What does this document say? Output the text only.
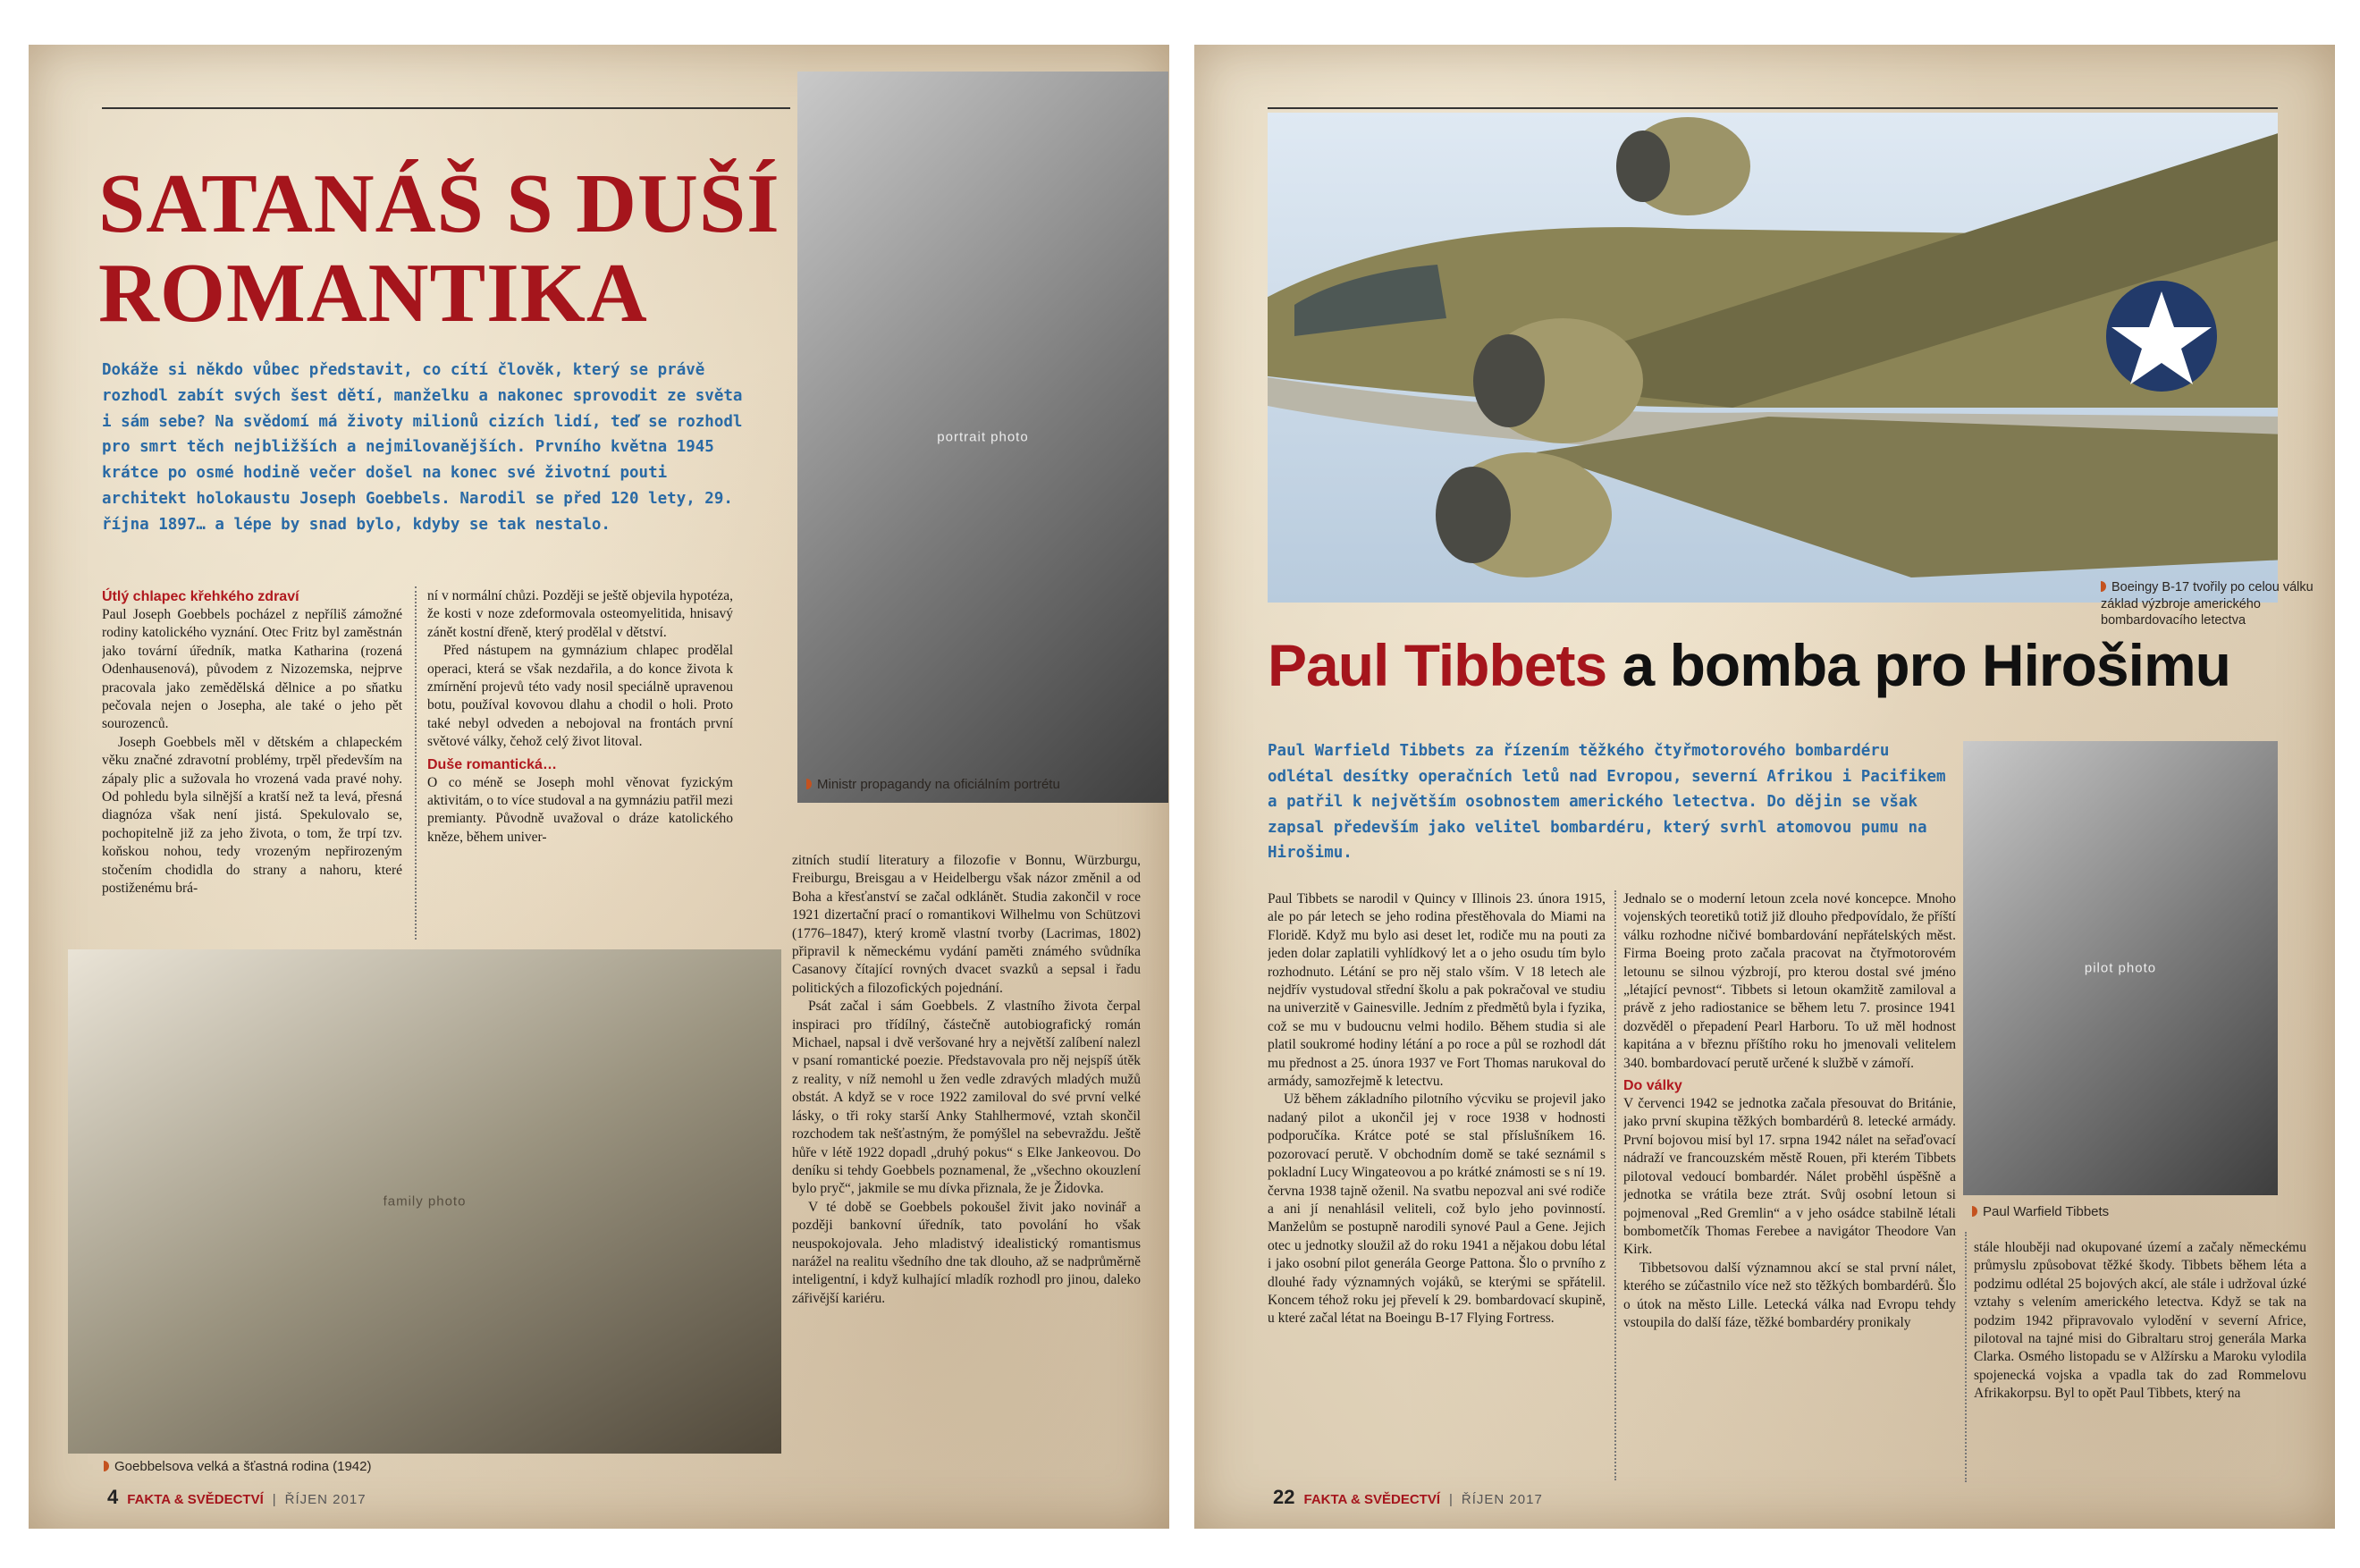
SATANÁŠ S DUŠÍ
ROMANTIKA

Dokáže si někdo vůbec představit, co cítí člověk, který se právě rozhodl zabít svých šest dětí, manželku a nakonec sprovodit ze světa i sám sebe? Na svědomí má životy milionů cizích lidí, teď se rozhodl pro smrt těch nejbližších a nejmilovanějších. Prvního května 1945 krátce po osmé hodině večer došel na konec své životní pouti architekt holokaustu Joseph Goebbels. Narodil se před 120 lety, 29. října 1897… a lépe by snad bylo, kdyby se tak nestalo.

portrait photo
Ministr propagandy na oficiálním portrétu
Útlý chlapec křehkého zdraví

Paul Joseph Goebbels pocházel z nepříliš zámožné rodiny katolického vyznání. Otec Fritz byl zaměstnán jako tovární úředník, matka Katharina (rozená Odenhausenová), původem z Nizozemska, nejprve pracovala jako zemědělská dělnice a po sňatku pečovala nejen o Josepha, ale také o jeho pět sourozenců.

Joseph Goebbels měl v dětském a chlapeckém věku značné zdravotní problémy, trpěl především na zápaly plic a sužovala ho vrozená vada pravé nohy. Od pohledu byla silnější a kratší než ta levá, přesná diagnóza však není jistá. Spekulovalo se, pochopitelně již za jeho života, o tom, že trpí tzv. koňskou nohou, tedy vrozeným nepřirozeným stočením chodidla do strany a nahoru, které postiženému brá-

ní v normální chůzi. Později se ještě objevila hypotéza, že kosti v noze zdeformovala osteomyelitida, hnisavý zánět kostní dřeně, který prodělal v dětství.

Před nástupem na gymnázium chlapec prodělal operaci, která se však nezdařila, a do konce života k zmírnění projevů této vady nosil speciálně upravenou botu, používal kovovou dlahu a chodil o holi. Proto také nebyl odveden a nebojoval na frontách první světové války, čehož celý život litoval.

Duše romantická…

O co méně se Joseph mohl věnovat fyzickým aktivitám, o to více studoval a na gymnáziu patřil mezi premianty. Původně uvažoval o dráze katolického kněze, během univer-

family photo
Goebbelsova velká a šťastná rodina (1942)

zitních studií literatury a filozofie v Bonnu, Würzburgu, Freiburgu, Breisgau a v Heidelbergu však názor změnil a od Boha a křesťanství se začal odklánět. Studia zakončil v roce 1921 dizertační prací o romantikovi Wilhelmu von Schützovi (1776–1847), který kromě vlastní tvorby (Lacrimas, 1802) připravil k německému vydání paměti známého svůdníka Casanovy čítající rovných dvacet svazků a sepsal i řadu politických a filozofických pojednání.

Psát začal i sám Goebbels. Z vlastního života čerpal inspiraci pro třídílný, částečně autobiografický román Michael, napsal i dvě veršované hry a největší zalíbení nalezl v psaní romantické poezie. Představovala pro něj nejspíš útěk z reality, v níž nemohl u žen vedle zdravých mladých mužů obstát. A když se v roce 1922 zamiloval do své první velké lásky, o tři roky starší Anky Stahlhermové, vztah skončil rozchodem tak nešťastným, že pomýšlel na sebevraždu. Ještě hůře v létě 1922 dopadl „druhý pokus“ s Elke Jankeovou. Do deníku si tehdy Goebbels poznamenal, že „všechno okouzlení bylo pryč“, jakmile se mu dívka přiznala, že je Židovka.

V té době se Goebbels pokoušel živit jako novinář a později bankovní úředník, tato povolání ho však neuspokojovala. Jeho mladistvý idealistický romantismus narážel na realitu všedního dne tak dlouho, až se nadprůměrně inteligentní, i když kulhající mladík rozhodl pro jinou, daleko zářivější kariéru.

4 FAKTA & SVĚDECTVÍ | ŘÍJEN 2017
Boeingy B-17 tvořily po celou válku základ výzbroje amerického bombardovacího letectva
Paul Tibbets a bomba pro Hirošimu

Paul Warfield Tibbets za řízením těžkého čtyřmotorového bombardéru odlétal desítky operačních letů nad Evropou, severní Afrikou i Pacifikem a patřil k největším osobnostem amerického letectva. Do dějin se však zapsal především jako velitel bombardéru, který svrhl atomovou pumu na Hirošimu.

pilot photo
Paul Warfield Tibbets

Paul Tibbets se narodil v Quincy v Illinois 23. února 1915, ale po pár letech se jeho rodina přestěhovala do Miami na Floridě. Když mu bylo asi deset let, rodiče mu na pouti za jeden dolar zaplatili vyhlídkový let a o jeho osudu tím bylo rozhodnuto. Létání se pro něj stalo vším. V 18 letech ale nejdřív vystudoval střední školu a pak pokračoval ve studiu na univerzitě v Gainesville. Jedním z předmětů byla i fyzika, což se mu v budoucnu velmi hodilo. Během studia si ale platil soukromé hodiny létání a po roce a půl se rozhodl dát mu přednost a 25. února 1937 ve Fort Thomas narukoval do armády, samozřejmě k letectvu.

Už během základního pilotního výcviku se projevil jako nadaný pilot a ukončil jej v roce 1938 v hodnosti podporučíka. Krátce poté se stal příslušníkem 16. pozorovací perutě. V obchodním domě se také seznámil s pokladní Lucy Wingateovou a po krátké známosti se s ní 19. června 1938 tajně oženil. Na svatbu nepozval ani své rodiče a ani jí nenahlásil veliteli, což bylo jeho povinností. Manželům se postupně narodili synové Paul a Gene. Jejich otec u jednotky sloužil až do roku 1941 a nějakou dobu létal i jako osobní pilot generála George Pattona. Šlo o prvního z dlouhé řady významných vojáků, se kterými se spřátelil. Koncem téhož roku jej převelí k 29. bombardovací skupině, u které začal létat na Boeingu B-17 Flying Fortress.

Jednalo se o moderní letoun zcela nové koncepce. Mnoho vojenských teoretiků totiž již dlouho předpovídalo, že příští válku rozhodne ničivé bombardování nepřátelských měst. Firma Boeing proto začala pracovat na čtyřmotorovém letounu se silnou výzbrojí, pro kterou dostal své jméno „létající pevnost“. Tibbets si letoun okamžitě zamiloval a právě z jeho radiostanice se během letu 7. prosince 1941 dozvěděl o přepadení Pearl Harboru. To už měl hodnost kapitána a v březnu příštího roku ho jmenovali velitelem 340. bombardovací perutě určené k službě v zámoří.

Do války

V červenci 1942 se jednotka začala přesouvat do Británie, jako první skupina těžkých bombardérů 8. letecké armády. První bojovou misí byl 17. srpna 1942 nálet na seřaďovací nádraží ve francouzském městě Rouen, při kterém Tibbets pilotoval vedoucí bombardér. Nálet proběhl úspěšně a jednotka se vrátila beze ztrát. Svůj osobní letoun si pojmenoval „Red Gremlin“ a v jeho osádce stabilně létali bombometčík Thomas Ferebee a navigátor Theodore Van Kirk.

Tibbetsovou další významnou akcí se stal první nálet, kterého se zúčastnilo více než sto těžkých bombardérů. Šlo o útok na město Lille. Letecká válka nad Evropu tehdy vstoupila do další fáze, těžké bombardéry pronikaly

stále hlouběji nad okupované území a začaly německému průmyslu způsobovat těžké škody. Tibbets během léta a podzimu odlétal 25 bojových akcí, ale stále i udržoval úzké vztahy s velením amerického letectva. Když se tak na podzim 1942 připravovalo vylodění v severní Africe, pilotoval na tajné misi do Gibraltaru stroj generála Marka Clarka. Osmého listopadu se v Alžírsku a Maroku vylodila spojenecká vojska a vpadla tak do zad Rommelovu Afrikakorpsu. Byl to opět Paul Tibbets, který na

22 FAKTA & SVĚDECTVÍ | ŘÍJEN 2017
